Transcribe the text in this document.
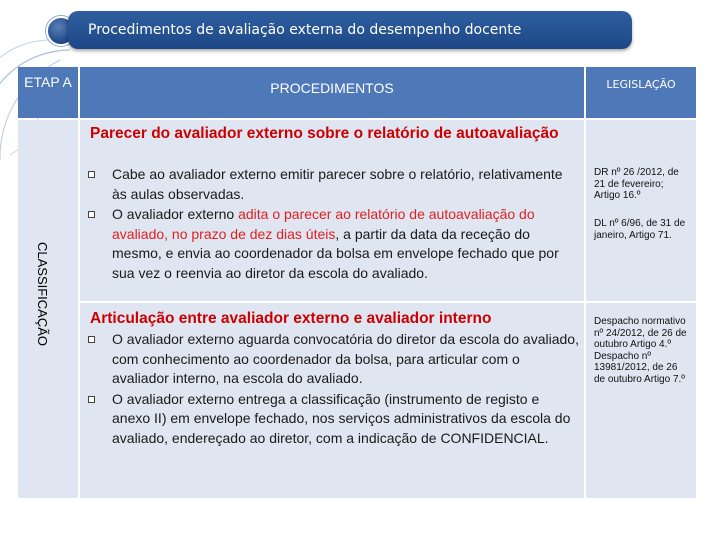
Procedimentos de avaliação externa do desempenho docente
ETAP A	PROCEDIMENTOS	LEGISLAÇÃO
CLASSIFICAÇÃO
Parecer do avaliador externo sobre o relatório de autoavaliação
Cabe ao avaliador externo emitir parecer sobre o relatório, relativamente às aulas observadas.
O avaliador externo adita o parecer ao relatório de autoavaliação do avaliado, no prazo de dez dias úteis, a partir da data da receção do mesmo, e envia ao coordenador da bolsa em envelope fechado que por sua vez o reenvia ao diretor da escola do avaliado.
DR nº 26 /2012, de 21 de fevereiro; Artigo 16.º
DL nº 6/96, de 31 de janeiro, Artigo 71.
Articulação entre avaliador externo e avaliador interno
O avaliador externo aguarda convocatória do diretor da escola do avaliado, com conhecimento ao coordenador da bolsa, para articular com o avaliador interno, na escola do avaliado.
O avaliador externo entrega a classificação (instrumento de registo e anexo II) em envelope fechado, nos serviços administrativos da escola do avaliado, endereçado ao diretor, com a indicação de CONFIDENCIAL.
Despacho normativo nº 24/2012, de 26 de outubro Artigo 4.º Despacho nº 13981/2012, de 26 de outubro Artigo 7.º
